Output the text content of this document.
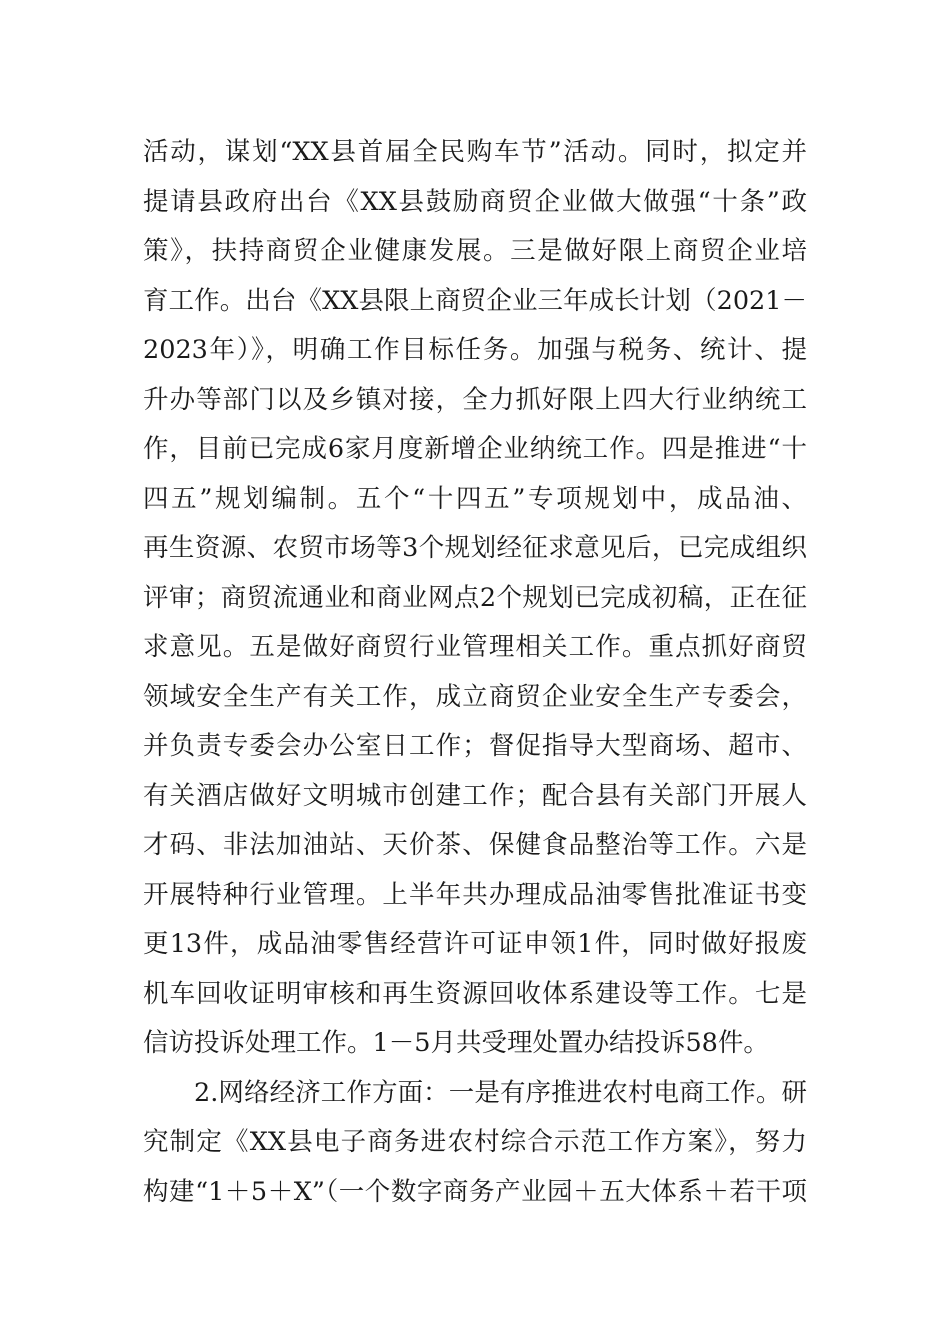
活动，谋划“XX县首届全民购车节”活动。同时，拟定并
提请县政府出台《XX县鼓励商贸企业做大做强“十条”政
策》，扶持商贸企业健康发展。三是做好限上商贸企业培
育工作。出台《XX县限上商贸企业三年成长计划（2021－
2023年）》，明确工作目标任务。加强与税务、统计、提
升办等部门以及乡镇对接，全力抓好限上四大行业纳统工
作，目前已完成6家月度新增企业纳统工作。四是推进“十
四五”规划编制。五个“十四五”专项规划中，成品油、
再生资源、农贸市场等3个规划经征求意见后，已完成组织
评审；商贸流通业和商业网点2个规划已完成初稿，正在征
求意见。五是做好商贸行业管理相关工作。重点抓好商贸
领域安全生产有关工作，成立商贸企业安全生产专委会，
并负责专委会办公室日工作；督促指导大型商场、超市、
有关酒店做好文明城市创建工作；配合县有关部门开展人
才码、非法加油站、天价茶、保健食品整治等工作。六是
开展特种行业管理。上半年共办理成品油零售批准证书变
更13件，成品油零售经营许可证申领1件，同时做好报废
机车回收证明审核和再生资源回收体系建设等工作。七是
信访投诉处理工作。1－5月共受理处置办结投诉58件。
2.网络经济工作方面：一是有序推进农村电商工作。研
究制定《XX县电子商务进农村综合示范工作方案》，努力
构建“1＋5＋X”（一个数字商务产业园＋五大体系＋若干项
